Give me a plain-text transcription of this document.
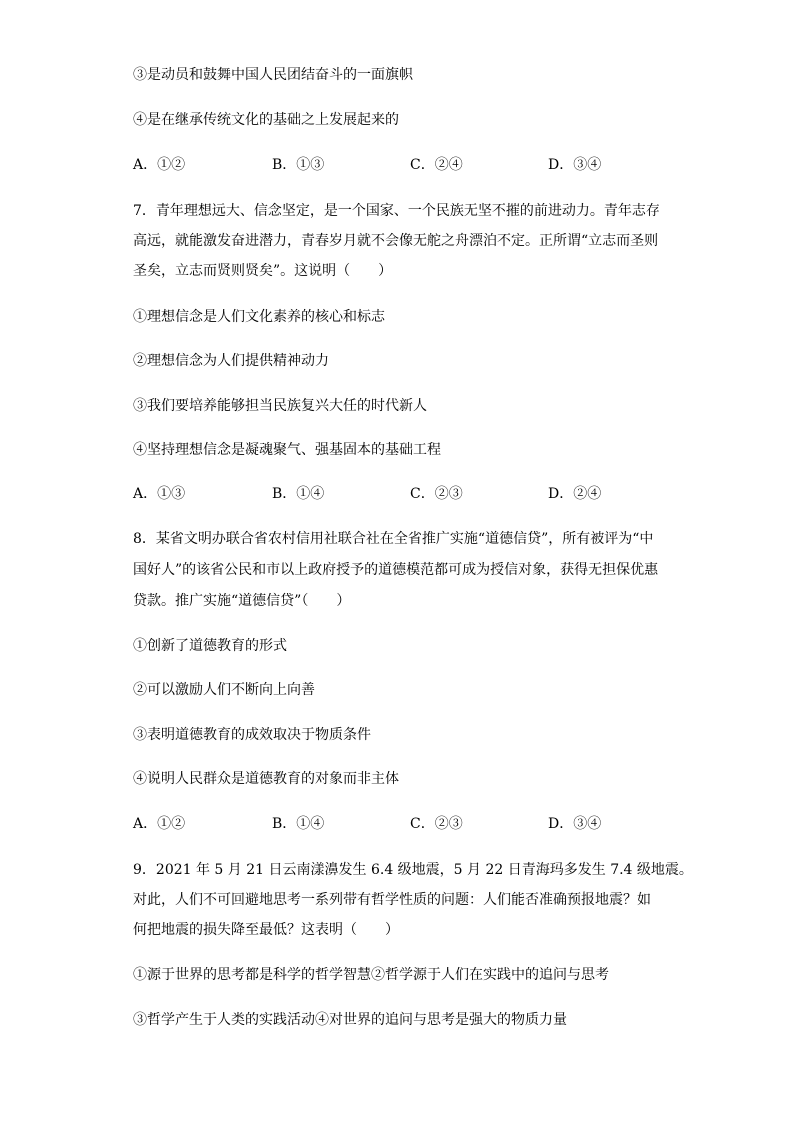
③是动员和鼓舞中国人民团结奋斗的一面旗帜
④是在继承传统文化的基础之上发展起来的
A．①②	B．①③	C．②④	D．③④
7．青年理想远大、信念坚定，是一个国家、一个民族无坚不摧的前进动力。青年志存
高远，就能激发奋进潜力，青春岁月就不会像无舵之舟漂泊不定。正所谓“立志而圣则
圣矣，立志而贤则贤矣”。这说明（　　）
①理想信念是人们文化素养的核心和标志
②理想信念为人们提供精神动力
③我们要培养能够担当民族复兴大任的时代新人
④坚持理想信念是凝魂聚气、强基固本的基础工程
A．①③	B．①④	C．②③	D．②④
8．某省文明办联合省农村信用社联合社在全省推广实施“道德信贷”，所有被评为“中
国好人”的该省公民和市以上政府授予的道德模范都可成为授信对象，获得无担保优惠
贷款。推广实施“道德信贷”（　　）
①创新了道德教育的形式
②可以激励人们不断向上向善
③表明道德教育的成效取决于物质条件
④说明人民群众是道德教育的对象而非主体
A．①②	B．①④	C．②③	D．③④
9．2021 年 5 月 21 日云南漾濞发生 6.4 级地震，5 月 22 日青海玛多发生 7.4 级地震。
对此，人们不可回避地思考一系列带有哲学性质的问题：人们能否准确预报地震？如
何把地震的损失降至最低？这表明（　　）
①源于世界的思考都是科学的哲学智慧②哲学源于人们在实践中的追问与思考
③哲学产生于人类的实践活动④对世界的追问与思考是强大的物质力量
